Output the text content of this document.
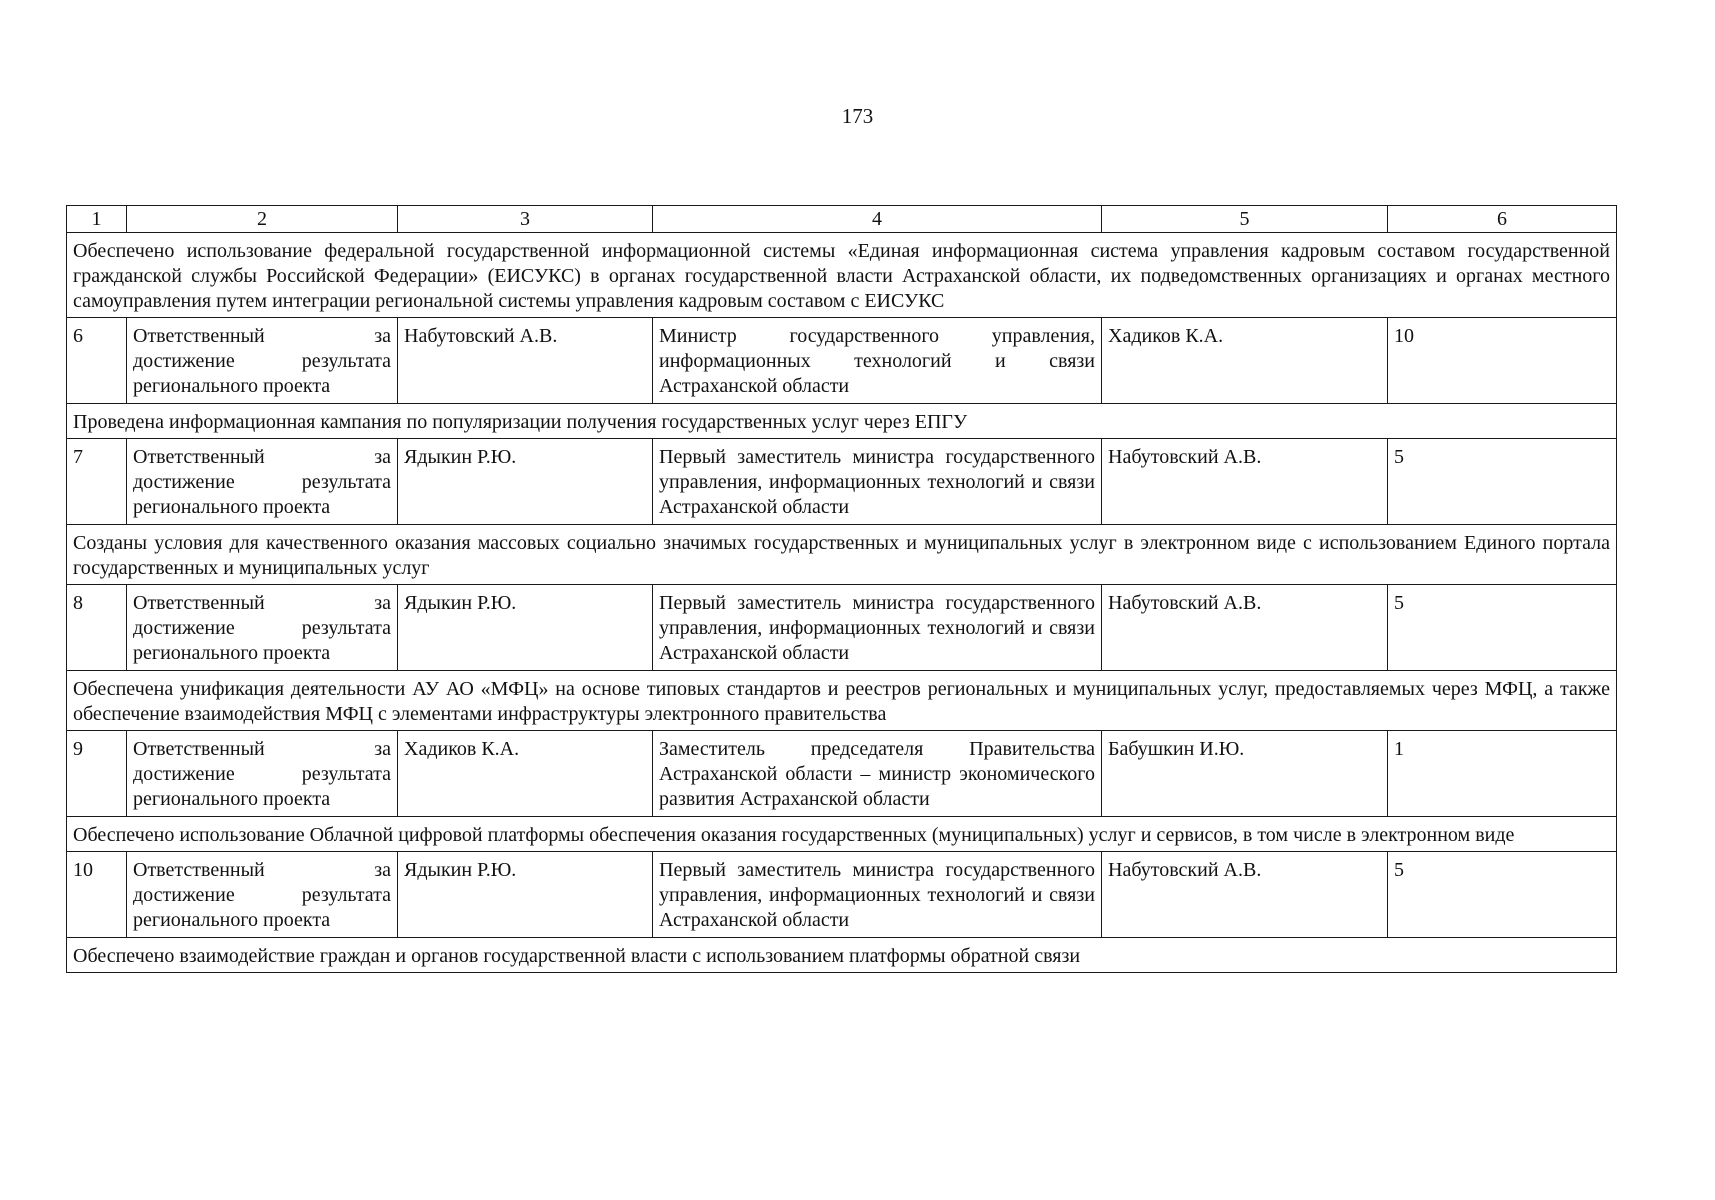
173
1	2	3	4	5	6
Обеспечено использование федеральной государственной информационной системы «Единая информационная система управления кадровым составом государственной гражданской службы Российской Федерации» (ЕИСУКС) в органах государственной власти Астраханской области, их подведомственных организациях и органах местного самоуправления путем интеграции региональной системы управления кадровым составом с ЕИСУКС					
6	Ответственный за достижение результата регионального проекта	Набутовский А.В.	Министр государственного управления, информационных технологий и связи Астраханской области	Хадиков К.А.	10
Проведена информационная кампания по популяризации получения государственных услуг через ЕПГУ					
7	Ответственный за достижение результата регионального проекта	Ядыкин Р.Ю.	Первый заместитель министра государственного управления, информационных технологий и связи Астраханской области	Набутовский А.В.	5
Созданы условия для качественного оказания массовых социально значимых государственных и муниципальных услуг в электронном виде с использованием Единого портала государственных и муниципальных услуг					
8	Ответственный за достижение результата регионального проекта	Ядыкин Р.Ю.	Первый заместитель министра государственного управления, информационных технологий и связи Астраханской области	Набутовский А.В.	5
Обеспечена унификация деятельности АУ АО «МФЦ» на основе типовых стандартов и реестров региональных и муниципальных услуг, предоставляемых через МФЦ, а также обеспечение взаимодействия МФЦ с элементами инфраструктуры электронного правительства					
9	Ответственный за достижение результата регионального проекта	Хадиков К.А.	Заместитель председателя Правительства Астраханской области – министр экономического развития Астраханской области	Бабушкин И.Ю.	1
Обеспечено использование Облачной цифровой платформы обеспечения оказания государственных (муниципальных) услуг и сервисов, в том числе в электронном виде					
10	Ответственный за достижение результата регионального проекта	Ядыкин Р.Ю.	Первый заместитель министра государственного управления, информационных технологий и связи Астраханской области	Набутовский А.В.	5
Обеспечено взаимодействие граждан и органов государственной власти с использованием платформы обратной связи					
